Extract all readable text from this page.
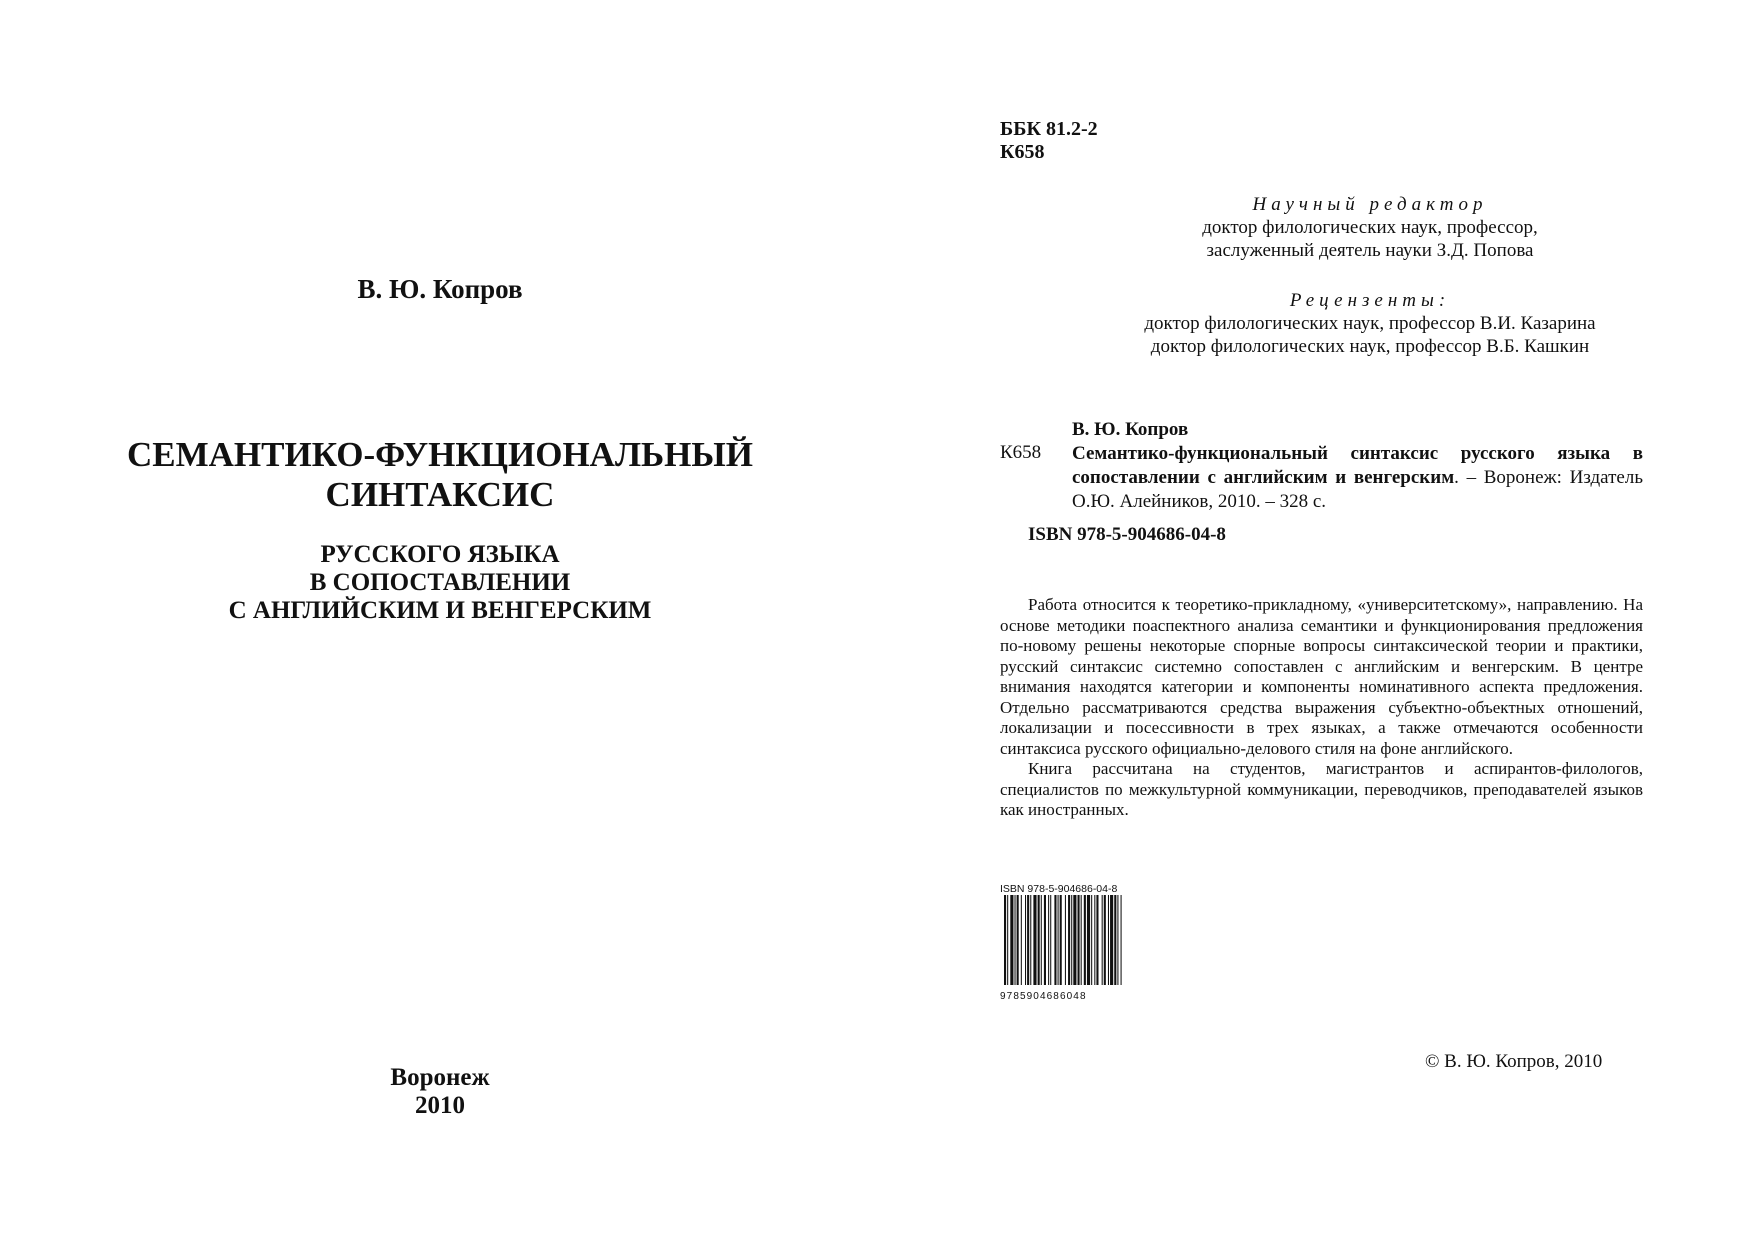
В. Ю. Копров
СЕМАНТИКО-ФУНКЦИОНАЛЬНЫЙ
СИНТАКСИС
РУССКОГО ЯЗЫКА
В СОПОСТАВЛЕНИИ
С АНГЛИЙСКИМ И ВЕНГЕРСКИМ
Воронеж
2010
ББК 81.2-2
К658
Научный редактор
доктор филологических наук, профессор,
заслуженный деятель науки З.Д. Попова
Рецензенты:
доктор филологических наук, профессор В.И. Казарина
доктор филологических наук, профессор В.Б. Кашкин
В. Ю. Копров
К658 Семантико-функциональный синтаксис русского языка в сопоставлении с английским и венгерским. – Воронеж: Издатель О.Ю. Алейников, 2010. – 328 с.
ISBN 978-5-904686-04-8

Работа относится к теоретико-прикладному, «университетскому», направлению. На основе методики поаспектного анализа семантики и функционирования предложения по-новому решены некоторые спорные вопросы синтаксической теории и практики, русский синтаксис системно сопоставлен с английским и венгерским. В центре внимания находятся категории и компоненты номинативного аспекта предложения. Отдельно рассматриваются средства выражения субъектно-объектных отношений, локализации и посессивности в трех языках, а также отмечаются особенности синтаксиса русского официально-делового стиля на фоне английского.

Книга рассчитана на студентов, магистрантов и аспирантов-филологов, специалистов по межкультурной коммуникации, переводчиков, преподавателей языков как иностранных.

ISBN 978-5-904686-04-8
9785904686048
© В. Ю. Копров, 2010
